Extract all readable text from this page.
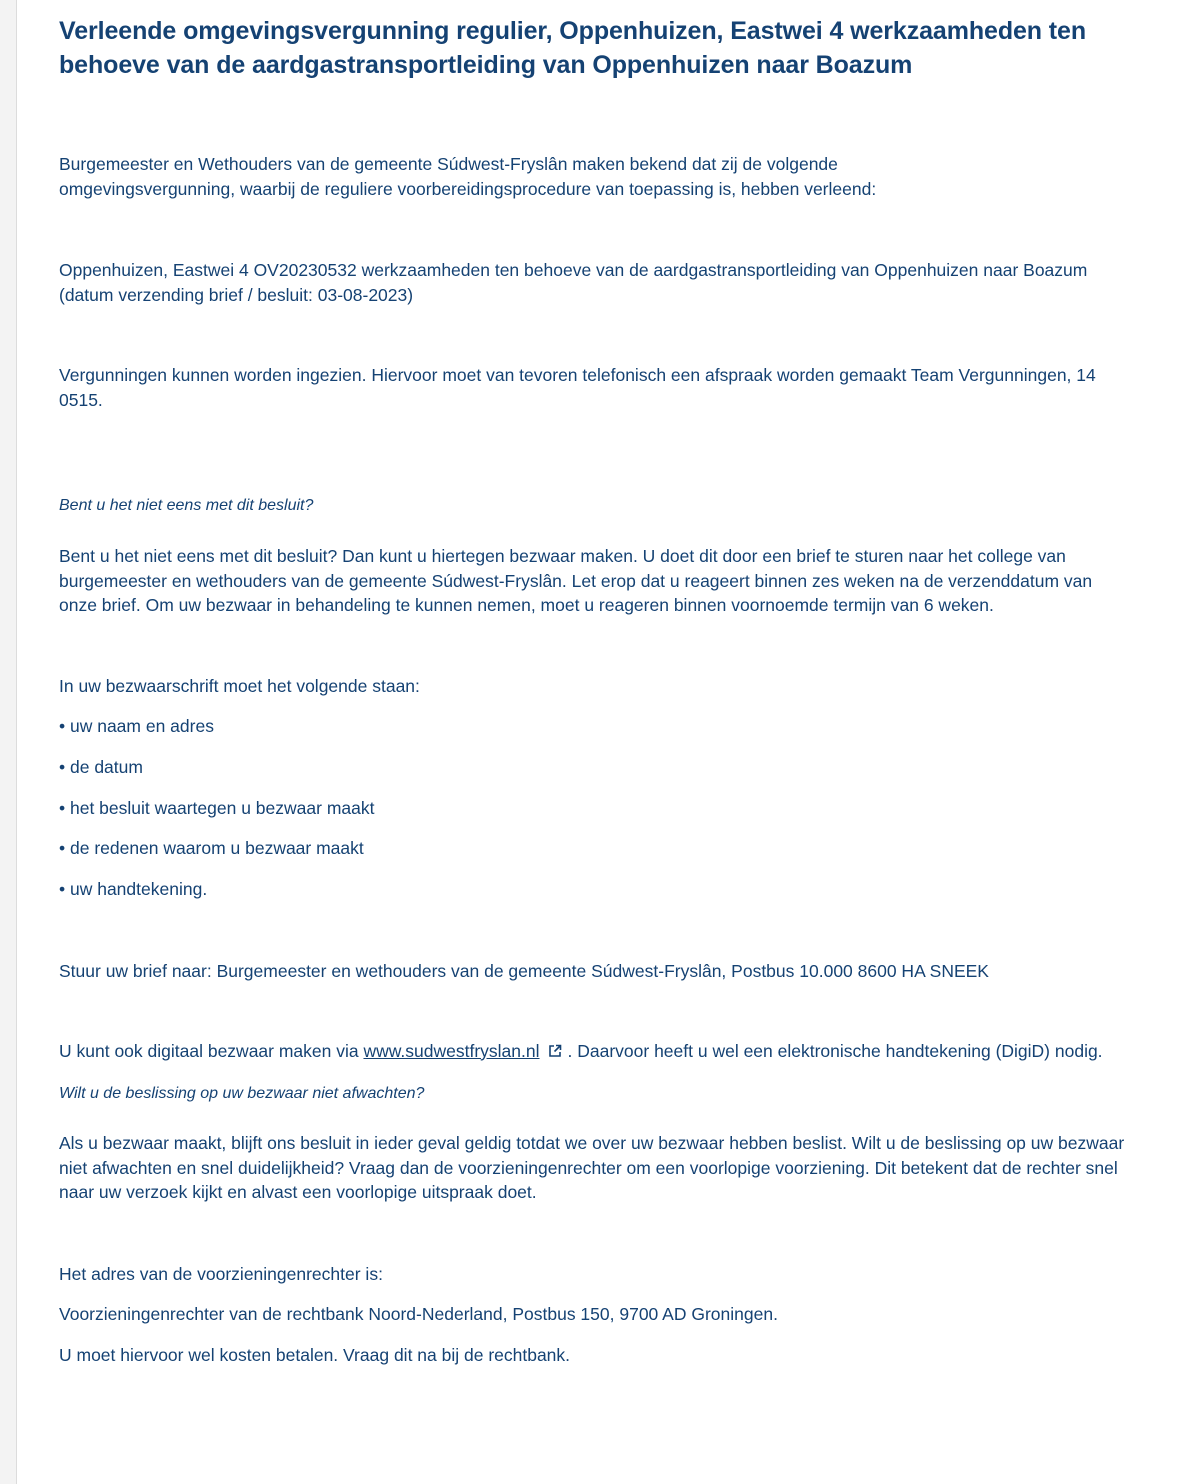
Verleende omgevingsvergunning regulier, Oppenhuizen, Eastwei 4 werkzaamheden ten behoeve van de aardgastransportleiding van Oppenhuizen naar Boazum

Burgemeester en Wethouders van de gemeente Súdwest-Fryslân maken bekend dat zij de volgende omgevingsvergunning, waarbij de reguliere voorbereidingsprocedure van toepassing is, hebben verleend:

Oppenhuizen, Eastwei 4 OV20230532 werkzaamheden ten behoeve van de aardgastransportleiding van Oppenhuizen naar Boazum (datum verzending brief / besluit: 03-08-2023)

Vergunningen kunnen worden ingezien. Hiervoor moet van tevoren telefonisch een afspraak worden gemaakt Team Vergunningen, 14 0515.

Bent u het niet eens met dit besluit?

Bent u het niet eens met dit besluit? Dan kunt u hiertegen bezwaar maken. U doet dit door een brief te sturen naar het college van burgemeester en wethouders van de gemeente Súdwest-Fryslân. Let erop dat u reageert binnen zes weken na de verzenddatum van onze brief. Om uw bezwaar in behandeling te kunnen nemen, moet u reageren binnen voornoemde termijn van 6 weken.

In uw bezwaarschrift moet het volgende staan:

• uw naam en adres

• de datum

• het besluit waartegen u bezwaar maakt

• de redenen waarom u bezwaar maakt

• uw handtekening.

Stuur uw brief naar: Burgemeester en wethouders van de gemeente Súdwest-Fryslân, Postbus 10.000 8600 HA SNEEK

U kunt ook digitaal bezwaar maken via www.sudwestfryslan.nl . Daarvoor heeft u wel een elektronische handtekening (DigiD) nodig.

Wilt u de beslissing op uw bezwaar niet afwachten?

Als u bezwaar maakt, blijft ons besluit in ieder geval geldig totdat we over uw bezwaar hebben beslist. Wilt u de beslissing op uw bezwaar niet afwachten en snel duidelijkheid? Vraag dan de voorzieningenrechter om een voorlopige voorziening. Dit betekent dat de rechter snel naar uw verzoek kijkt en alvast een voorlopige uitspraak doet.

Het adres van de voorzieningenrechter is:

Voorzieningenrechter van de rechtbank Noord-Nederland, Postbus 150, 9700 AD Groningen.

U moet hiervoor wel kosten betalen. Vraag dit na bij de rechtbank.
